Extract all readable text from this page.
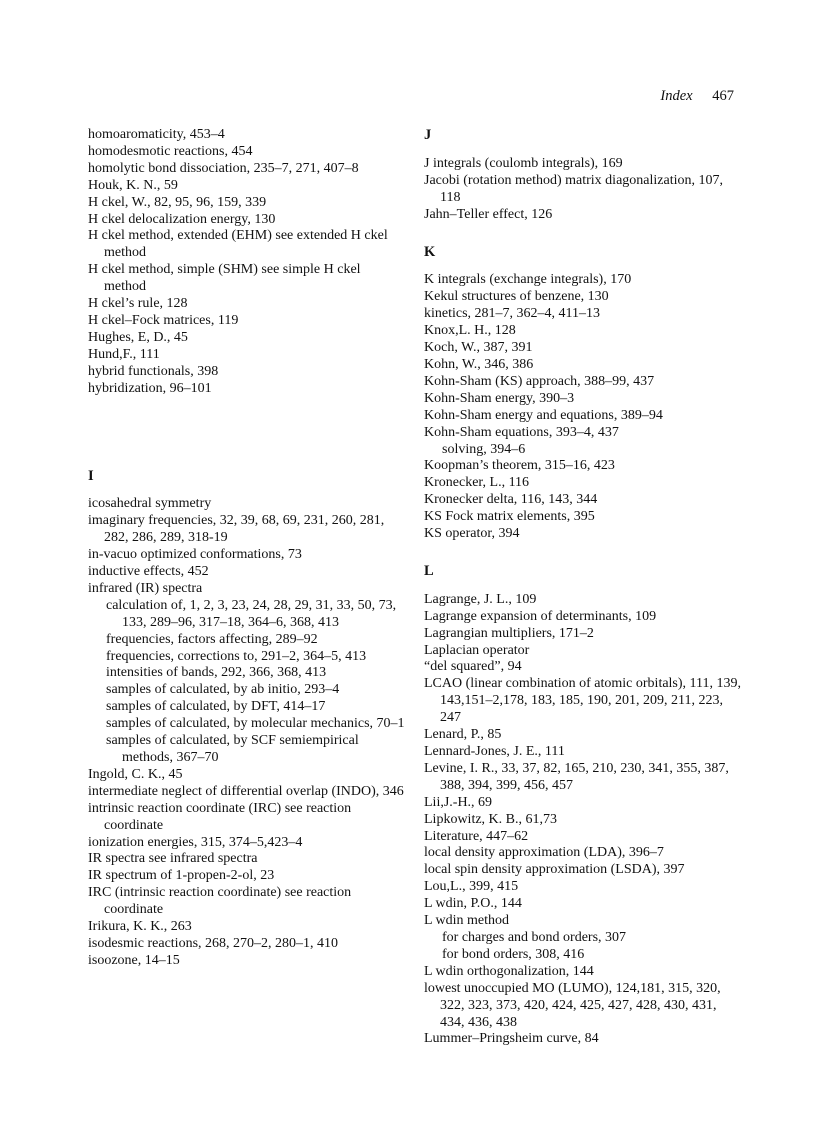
Index 467

homoaromaticity, 453–4

homodesmotic reactions, 454

homolytic bond dissociation, 235–7, 271, 407–8

Houk, K. N., 59

H ckel, W., 82, 95, 96, 159, 339

H ckel delocalization energy, 130

H ckel method, extended (EHM) see extended H ckel method

H ckel method, simple (SHM) see simple H ckel method

H ckel’s rule, 128

H ckel–Fock matrices, 119

Hughes, E, D., 45

Hund,F., 111

hybrid functionals, 398

hybridization, 96–101

I

icosahedral symmetry

imaginary frequencies, 32, 39, 68, 69, 231, 260, 281, 282, 286, 289, 318-19

in-vacuo optimized conformations, 73

inductive effects, 452

infrared (IR) spectra

calculation of, 1, 2, 3, 23, 24, 28, 29, 31, 33, 50, 73, 133, 289–96, 317–18, 364–6, 368, 413

frequencies, factors affecting, 289–92

frequencies, corrections to, 291–2, 364–5, 413

intensities of bands, 292, 366, 368, 413

samples of calculated, by ab initio, 293–4

samples of calculated, by DFT, 414–17

samples of calculated, by molecular mechanics, 70–1

samples of calculated, by SCF semiempirical methods, 367–70

Ingold, C. K., 45

intermediate neglect of differential overlap (INDO), 346

intrinsic reaction coordinate (IRC) see reaction coordinate

ionization energies, 315, 374–5,423–4

IR spectra see infrared spectra

IR spectrum of 1-propen-2-ol, 23

IRC (intrinsic reaction coordinate) see reaction coordinate

Irikura, K. K., 263

isodesmic reactions, 268, 270–2, 280–1, 410

isoozone, 14–15

J

J integrals (coulomb integrals), 169

Jacobi (rotation method) matrix diagonalization, 107, 118

Jahn–Teller effect, 126

K

K integrals (exchange integrals), 170

Kekul structures of benzene, 130

kinetics, 281–7, 362–4, 411–13

Knox,L. H., 128

Koch, W., 387, 391

Kohn, W., 346, 386

Kohn-Sham (KS) approach, 388–99, 437

Kohn-Sham energy, 390–3

Kohn-Sham energy and equations, 389–94

Kohn-Sham equations, 393–4, 437

solving, 394–6

Koopman’s theorem, 315–16, 423

Kronecker, L., 116

Kronecker delta, 116, 143, 344

KS Fock matrix elements, 395

KS operator, 394

L

Lagrange, J. L., 109

Lagrange expansion of determinants, 109

Lagrangian multipliers, 171–2

Laplacian operator

“del squared”, 94

LCAO (linear combination of atomic orbitals), 111, 139, 143,151–2,178, 183, 185, 190, 201, 209, 211, 223, 247

Lenard, P., 85

Lennard-Jones, J. E., 111

Levine, I. R., 33, 37, 82, 165, 210, 230, 341, 355, 387, 388, 394, 399, 456, 457

Lii,J.-H., 69

Lipkowitz, K. B., 61,73

Literature, 447–62

local density approximation (LDA), 396–7

local spin density approximation (LSDA), 397

Lou,L., 399, 415

L wdin, P.O., 144

L wdin method

for charges and bond orders, 307

for bond orders, 308, 416

L wdin orthogonalization, 144

lowest unoccupied MO (LUMO), 124,181, 315, 320, 322, 323, 373, 420, 424, 425, 427, 428, 430, 431, 434, 436, 438

Lummer–Pringsheim curve, 84
